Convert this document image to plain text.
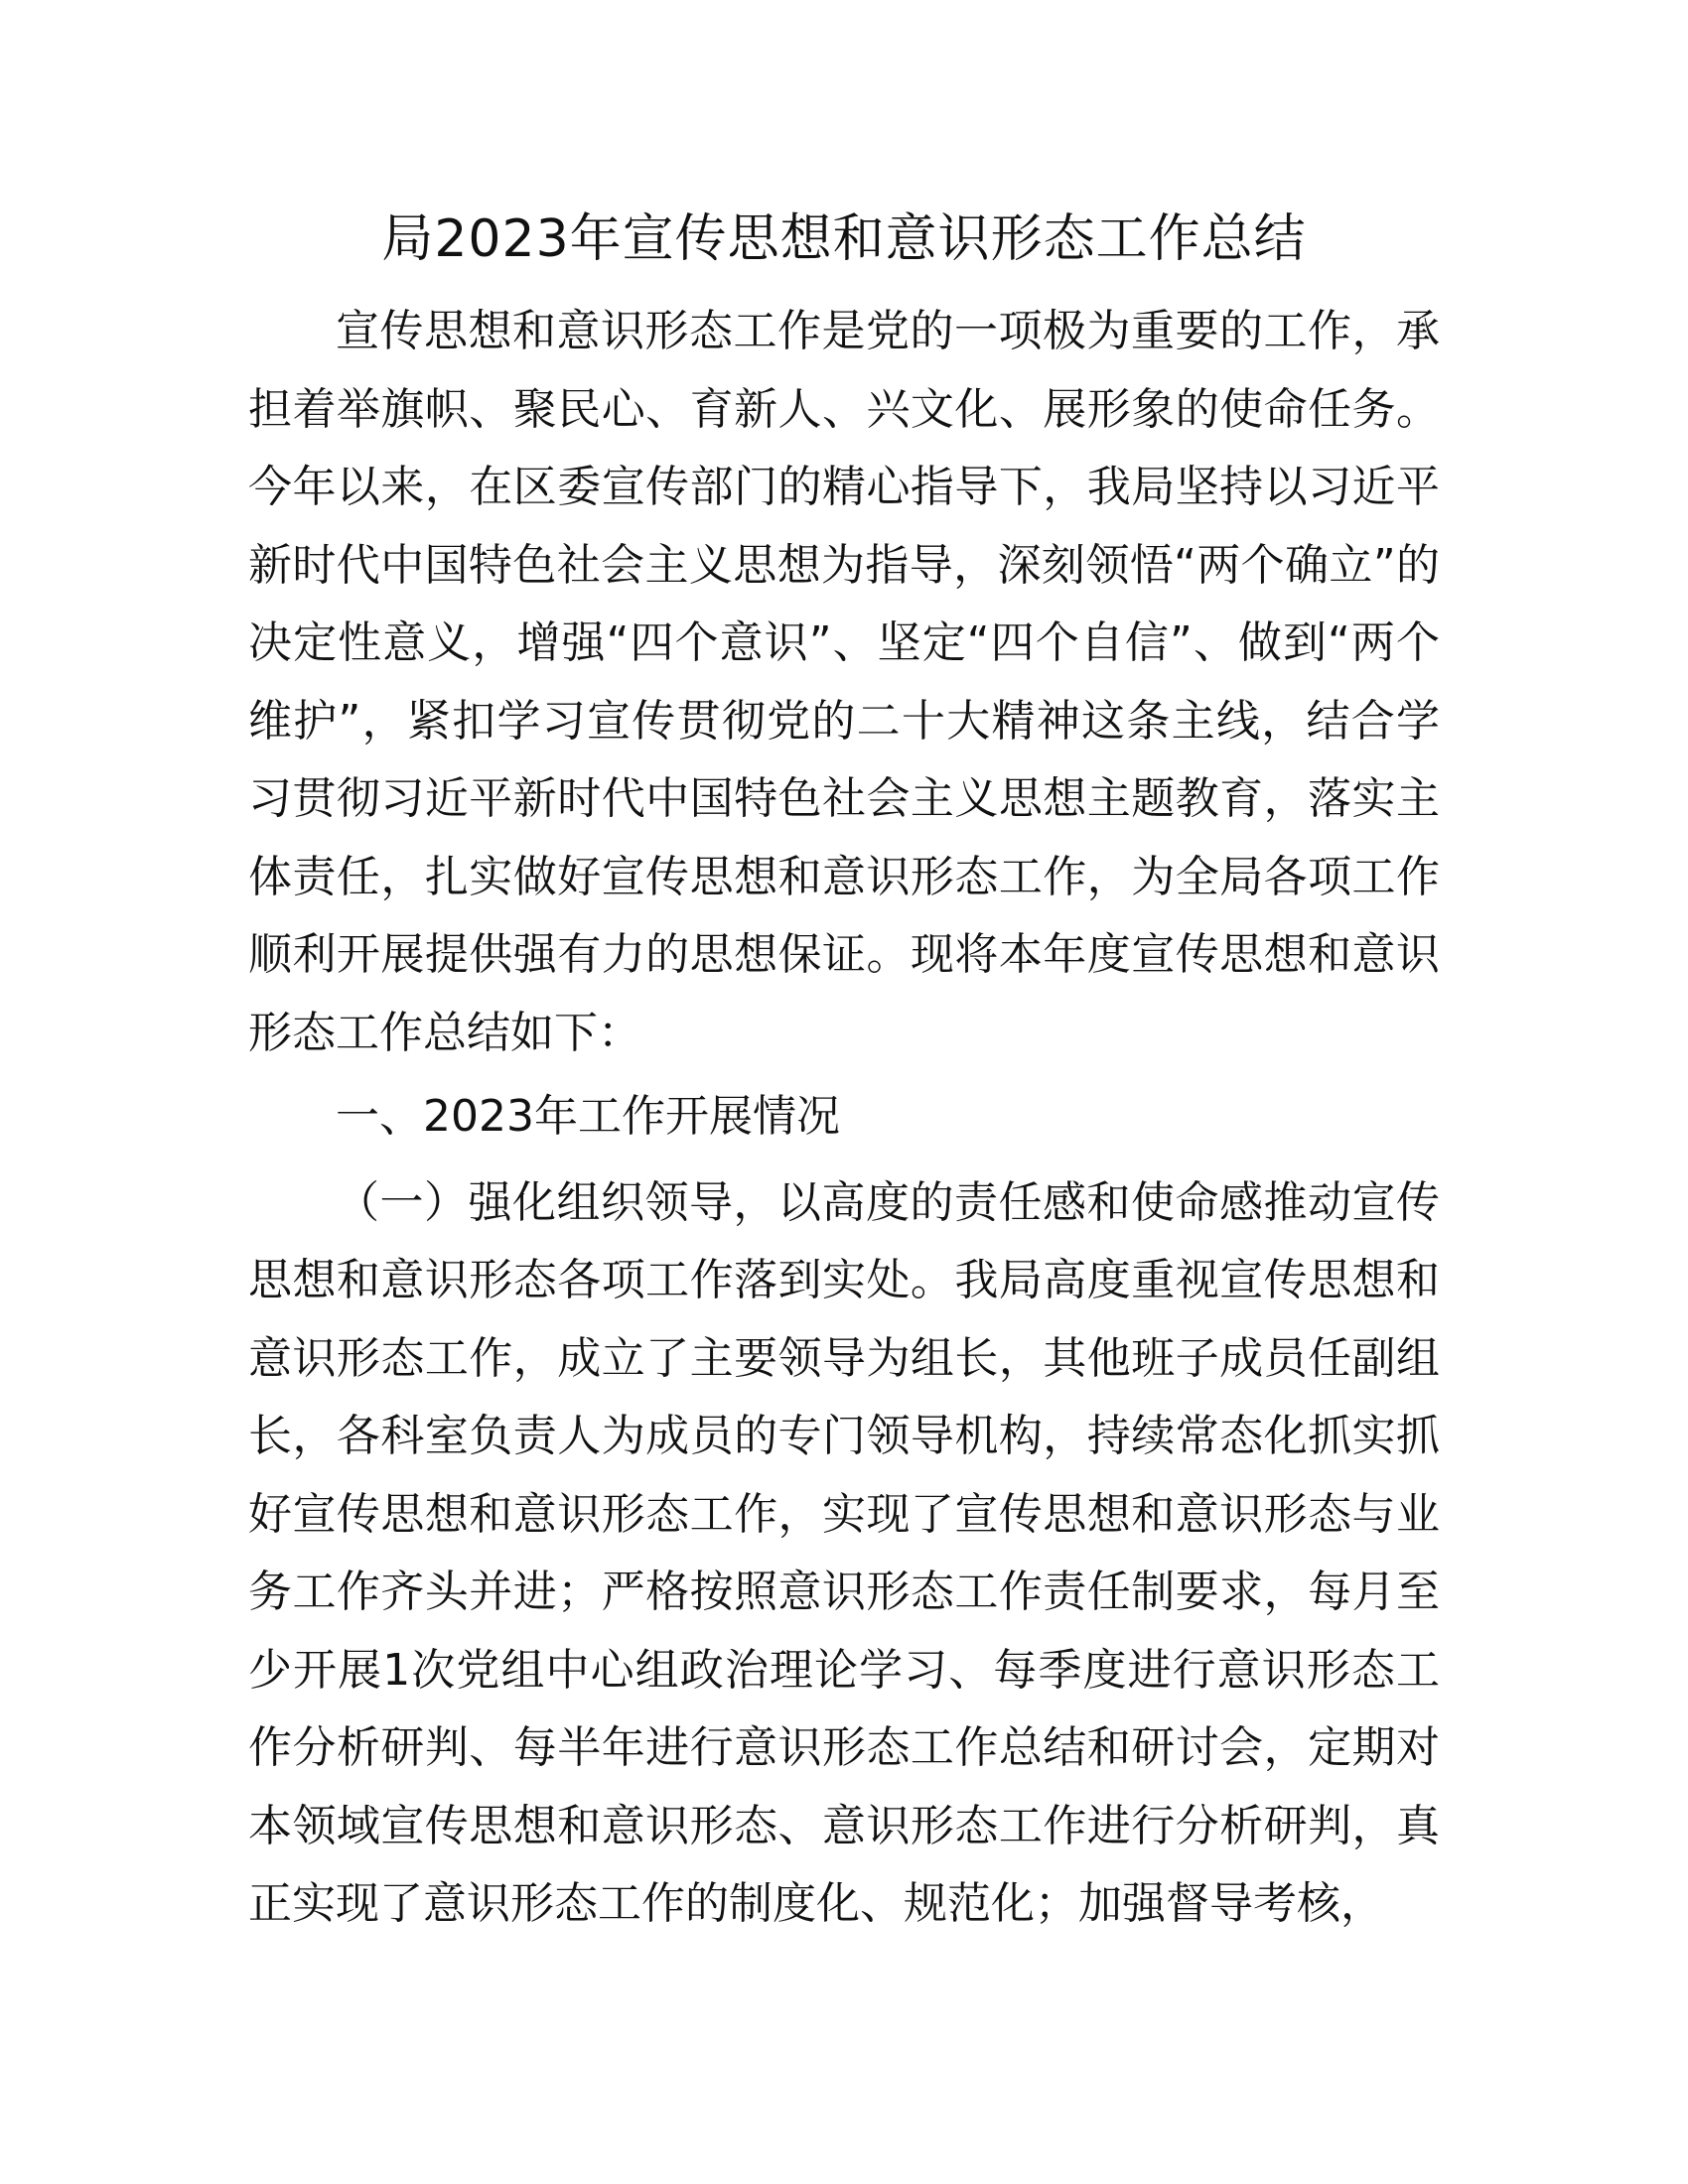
局2023年宣传思想和意识形态工作总结

宣传思想和意识形态工作是党的一项极为重要的工作，承担着举旗帜、聚民心、育新人、兴文化、展形象的使命任务。今年以来，在区委宣传部门的精心指导下，我局坚持以习近平新时代中国特色社会主义思想为指导，深刻领悟“两个确立”的决定性意义，增强“四个意识”、坚定“四个自信”、做到“两个维护”，紧扣学习宣传贯彻党的二十大精神这条主线，结合学习贯彻习近平新时代中国特色社会主义思想主题教育，落实主体责任，扎实做好宣传思想和意识形态工作，为全局各项工作顺利开展提供强有力的思想保证。现将本年度宣传思想和意识形态工作总结如下：

一、2023年工作开展情况

（一）强化组织领导，以高度的责任感和使命感推动宣传思想和意识形态各项工作落到实处。我局高度重视宣传思想和意识形态工作，成立了主要领导为组长，其他班子成员任副组长，各科室负责人为成员的专门领导机构，持续常态化抓实抓好宣传思想和意识形态工作，实现了宣传思想和意识形态与业务工作齐头并进；严格按照意识形态工作责任制要求，每月至少开展1次党组中心组政治理论学习、每季度进行意识形态工作分析研判、每半年进行意识形态工作总结和研讨会，定期对本领域宣传思想和意识形态、意识形态工作进行分析研判，真正实现了意识形态工作的制度化、规范化；加强督导考核，
